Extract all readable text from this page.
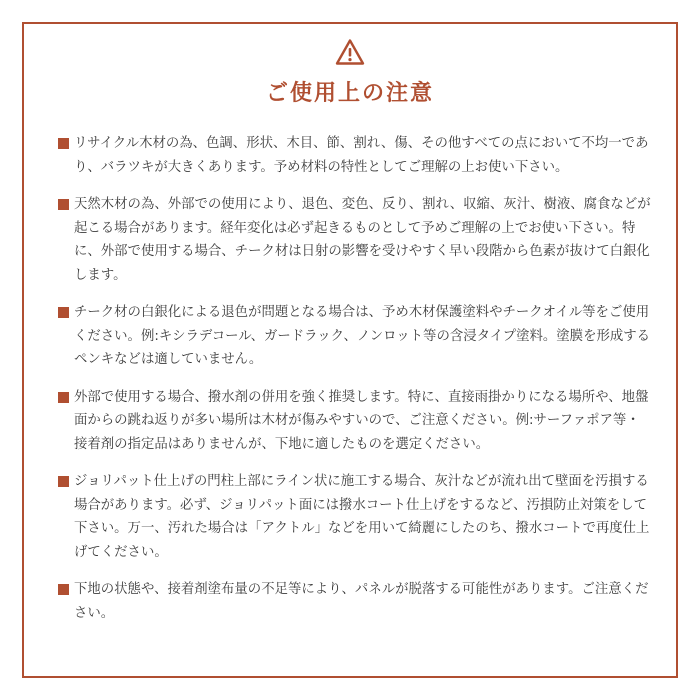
ご使用上の注意
リサイクル木材の為、色調、形状、木目、節、割れ、傷、その他すべての点において不均一であり、バラツキが大きくあります。予め材料の特性としてご理解の上お使い下さい。
天然木材の為、外部での使用により、退色、変色、反り、割れ、収縮、灰汁、樹液、腐食などが起こる場合があります。経年変化は必ず起きるものとして予めご理解の上でお使い下さい。特に、外部で使用する場合、チーク材は日射の影響を受けやすく早い段階から色素が抜けて白銀化します。
チーク材の白銀化による退色が問題となる場合は、予め木材保護塗料やチークオイル等をご使用ください。例:キシラデコール、ガードラック、ノンロット等の含浸タイプ塗料。塗膜を形成するペンキなどは適していません。
外部で使用する場合、撥水剤の併用を強く推奨します。特に、直接雨掛かりになる場所や、地盤面からの跳ね返りが多い場所は木材が傷みやすいので、ご注意ください。例:サーファポア等・接着剤の指定品はありませんが、下地に適したものを選定ください。
ジョリパット仕上げの門柱上部にライン状に施工する場合、灰汁などが流れ出て壁面を汚損する場合があります。必ず、ジョリパット面には撥水コート仕上げをするなど、汚損防止対策をして下さい。万一、汚れた場合は「アクトル」などを用いて綺麗にしたのち、撥水コートで再度仕上げてください。
下地の状態や、接着剤塗布量の不足等により、パネルが脱落する可能性があります。ご注意ください。
